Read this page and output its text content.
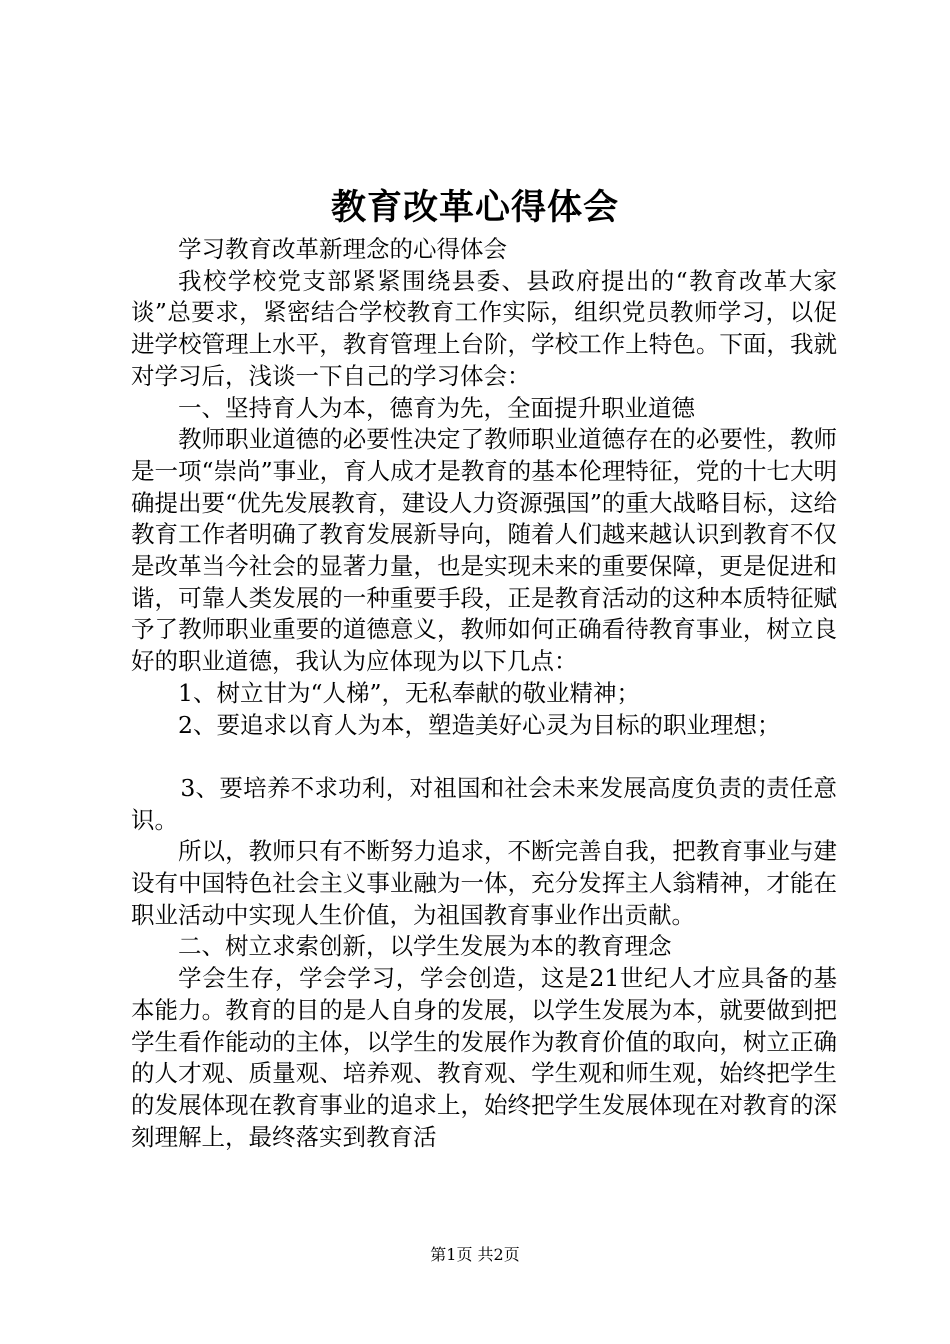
教育改革心得体会

学习教育改革新理念的心得体会

我校学校党支部紧紧围绕县委、县政府提出的“教育改革大家谈”总要求，紧密结合学校教育工作实际，组织党员教师学习，以促进学校管理上水平，教育管理上台阶，学校工作上特色。下面，我就对学习后，浅谈一下自己的学习体会：

一、坚持育人为本，德育为先，全面提升职业道德

教师职业道德的必要性决定了教师职业道德存在的必要性，教师是一项“崇尚”事业，育人成才是教育的基本伦理特征，党的十七大明确提出要“优先发展教育，建设人力资源强国”的重大战略目标，这给教育工作者明确了教育发展新导向，随着人们越来越认识到教育不仅是改革当今社会的显著力量，也是实现未来的重要保障，更是促进和谐，可靠人类发展的一种重要手段，正是教育活动的这种本质特征赋予了教师职业重要的道德意义，教师如何正确看待教育事业，树立良好的职业道德，我认为应体现为以下几点：

1、树立甘为“人梯”，无私奉献的敬业精神；

2、要追求以育人为本，塑造美好心灵为目标的职业理想；

3、要培养不求功利，对祖国和社会未来发展高度负责的责任意识。

所以，教师只有不断努力追求，不断完善自我，把教育事业与建设有中国特色社会主义事业融为一体，充分发挥主人翁精神，才能在职业活动中实现人生价值，为祖国教育事业作出贡献。

二、树立求索创新，以学生发展为本的教育理念

学会生存，学会学习，学会创造，这是21世纪人才应具备的基本能力。教育的目的是人自身的发展，以学生发展为本，就要做到把学生看作能动的主体，以学生的发展作为教育价值的取向，树立正确的人才观、质量观、培养观、教育观、学生观和师生观，始终把学生的发展体现在教育事业的追求上，始终把学生发展体现在对教育的深刻理解上，最终落实到教育活

第1页 共2页
